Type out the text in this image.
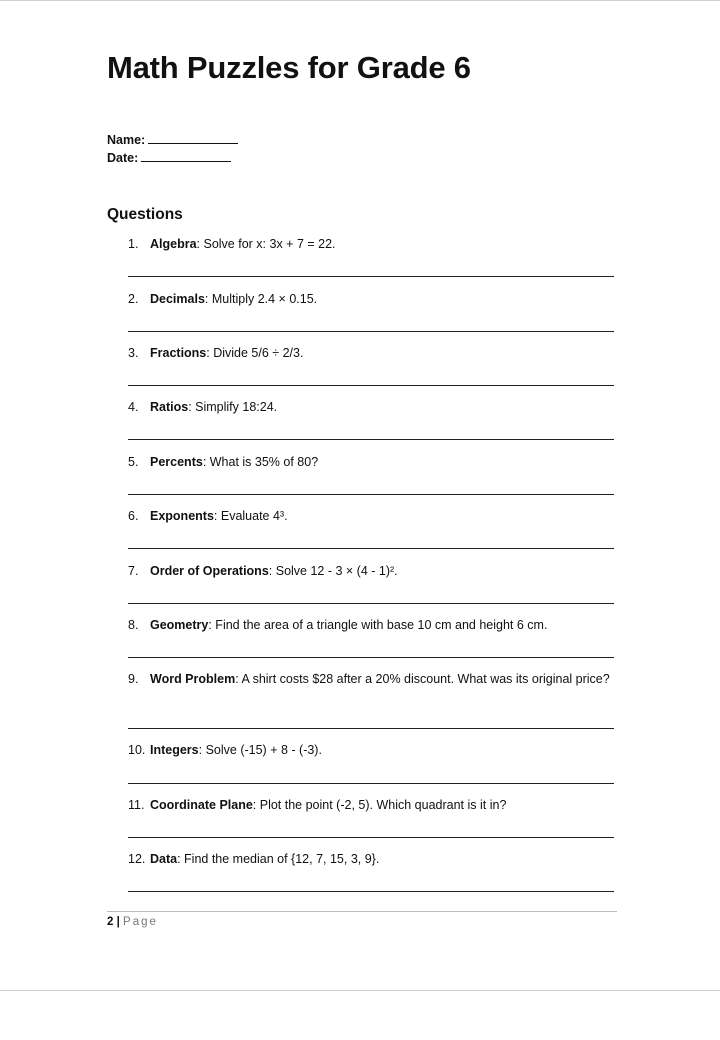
Math Puzzles for Grade 6
Name:
Date:
Questions
1. Algebra: Solve for x: 3x + 7 = 22.
2. Decimals: Multiply 2.4 × 0.15.
3. Fractions: Divide 5/6 ÷ 2/3.
4. Ratios: Simplify 18:24.
5. Percents: What is 35% of 80?
6. Exponents: Evaluate 4³.
7. Order of Operations: Solve 12 - 3 × (4 - 1)².
8. Geometry: Find the area of a triangle with base 10 cm and height 6 cm.
9. Word Problem: A shirt costs $28 after a 20% discount. What was its original price?
10. Integers: Solve (-15) + 8 - (-3).
11. Coordinate Plane: Plot the point (-2, 5). Which quadrant is it in?
12. Data: Find the median of {12, 7, 15, 3, 9}.
2 | Page
